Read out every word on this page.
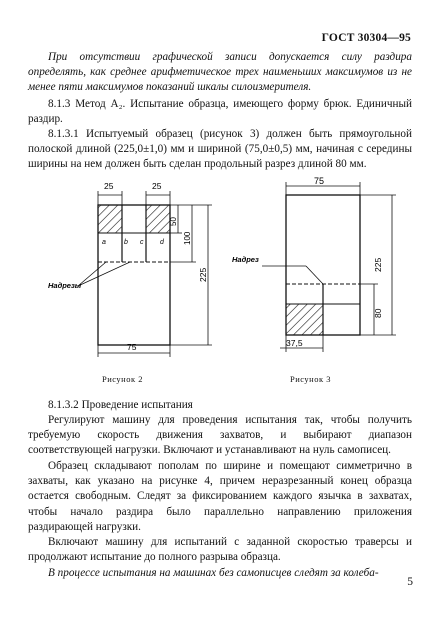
ГОСТ 30304—95

При отсутствии графической записи допускается силу раздира определять, как среднее арифметическое трех наименьших максимумов из не менее пяти максимумов показаний шкалы силоизмерителя.

8.1.3 Метод А₂. Испытание образца, имеющего форму брюк. Единичный раздир.

8.1.3.1 Испытуемый образец (рисунок 3) должен быть прямоугольной полоской длиной (225,0±1,0) мм и шириной (75,0±0,5) мм, начиная с середины ширины на нем должен быть сделан продольный разрез длиной 80 мм.

25	25
50
100
225
75
а	b c d
Надрезы
75
80
225
37,5
Надрез
Рисунок 2	Рисунок 3

8.1.3.2 Проведение испытания

Регулируют машину для проведения испытания так, чтобы получить требуемую скорость движения захватов, и выбирают диапазон соответствующей нагрузки. Включают и устанавливают на нуль самописец.

Образец складывают пополам по ширине и помещают симметрично в захваты, как указано на рисунке 4, причем неразрезанный конец образца остается свободным. Следят за фиксированием каждого язычка в захватах, чтобы начало раздира было параллельно направлению приложения раздирающей нагрузки.

Включают машину для испытаний с заданной скоростью траверсы и продолжают испытание до полного разрыва образца.

В процессе испытания на машинах без самописцев следят за колеба-

5
